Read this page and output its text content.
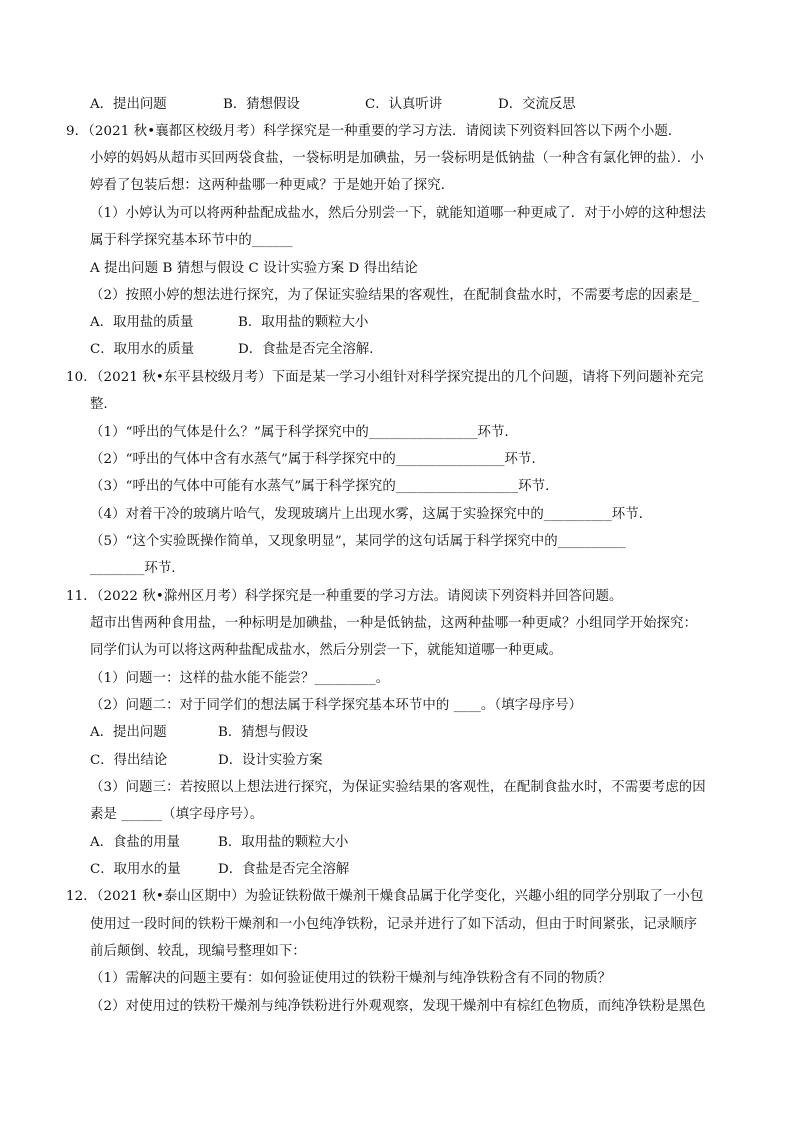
A．提出问题	B．猜想假设	C．认真听讲	D．交流反思
9．（2021 秋•襄都区校级月考）科学探究是一种重要的学习方法．请阅读下列资料回答以下两个小题．
小婷的妈妈从超市买回两袋食盐，一袋标明是加碘盐，另一袋标明是低钠盐（一种含有氯化钾的盐）．小
婷看了包装后想：这两种盐哪一种更咸？于是她开始了探究．
（1）小婷认为可以将两种盐配成盐水，然后分别尝一下，就能知道哪一种更咸了．对于小婷的这种想法
属于科学探究基本环节中的______
A 提出问题 B 猜想与假设 C 设计实验方案 D 得出结论
（2）按照小婷的想法进行探究，为了保证实验结果的客观性，在配制食盐水时，不需要考虑的因素是_
A．取用盐的质量	B．取用盐的颗粒大小
C．取用水的质量	D．食盐是否完全溶解．
10．（2021 秋•东平县校级月考）下面是某一学习小组针对科学探究提出的几个问题，请将下列问题补充完
整．
（1）“呼出的气体是什么？”属于科学探究中的________________环节．
（2）“呼出的气体中含有水蒸气”属于科学探究中的________________环节．
（3）“呼出的气体中可能有水蒸气”属于科学探究的__________________环节．
（4）对着干冷的玻璃片哈气，发现玻璃片上出现水雾，这属于实验探究中的__________环节．
（5）“这个实验既操作简单，又现象明显”，某同学的这句话属于科学探究中的__________
________环节．
11．（2022 秋•滁州区月考）科学探究是一种重要的学习方法。请阅读下列资料并回答问题。
超市出售两种食用盐，一种标明是加碘盐，一种是低钠盐，这两种盐哪一种更咸？小组同学开始探究：
同学们认为可以将这两种盐配成盐水，然后分别尝一下，就能知道哪一种更咸。
（1）问题一：这样的盐水能不能尝？_________。
（2）问题二：对于同学们的想法属于科学探究基本环节中的 ____。（填字母序号）
A．提出问题	B．猜想与假设
C．得出结论	D．设计实验方案
（3）问题三：若按照以上想法进行探究，为保证实验结果的客观性，在配制食盐水时，不需要考虑的因
素是 ______（填字母序号）。
A．食盐的用量	B．取用盐的颗粒大小
C．取用水的量	D．食盐是否完全溶解
12．（2021 秋•泰山区期中）为验证铁粉做干燥剂干燥食品属于化学变化，兴趣小组的同学分别取了一小包
使用过一段时间的铁粉干燥剂和一小包纯净铁粉，记录并进行了如下活动，但由于时间紧张，记录顺序
前后颠倒、较乱，现编号整理如下：
（1）需解决的问题主要有：如何验证使用过的铁粉干燥剂与纯净铁粉含有不同的物质？
（2）对使用过的铁粉干燥剂与纯净铁粉进行外观观察，发现干燥剂中有棕红色物质，而纯净铁粉是黑色
